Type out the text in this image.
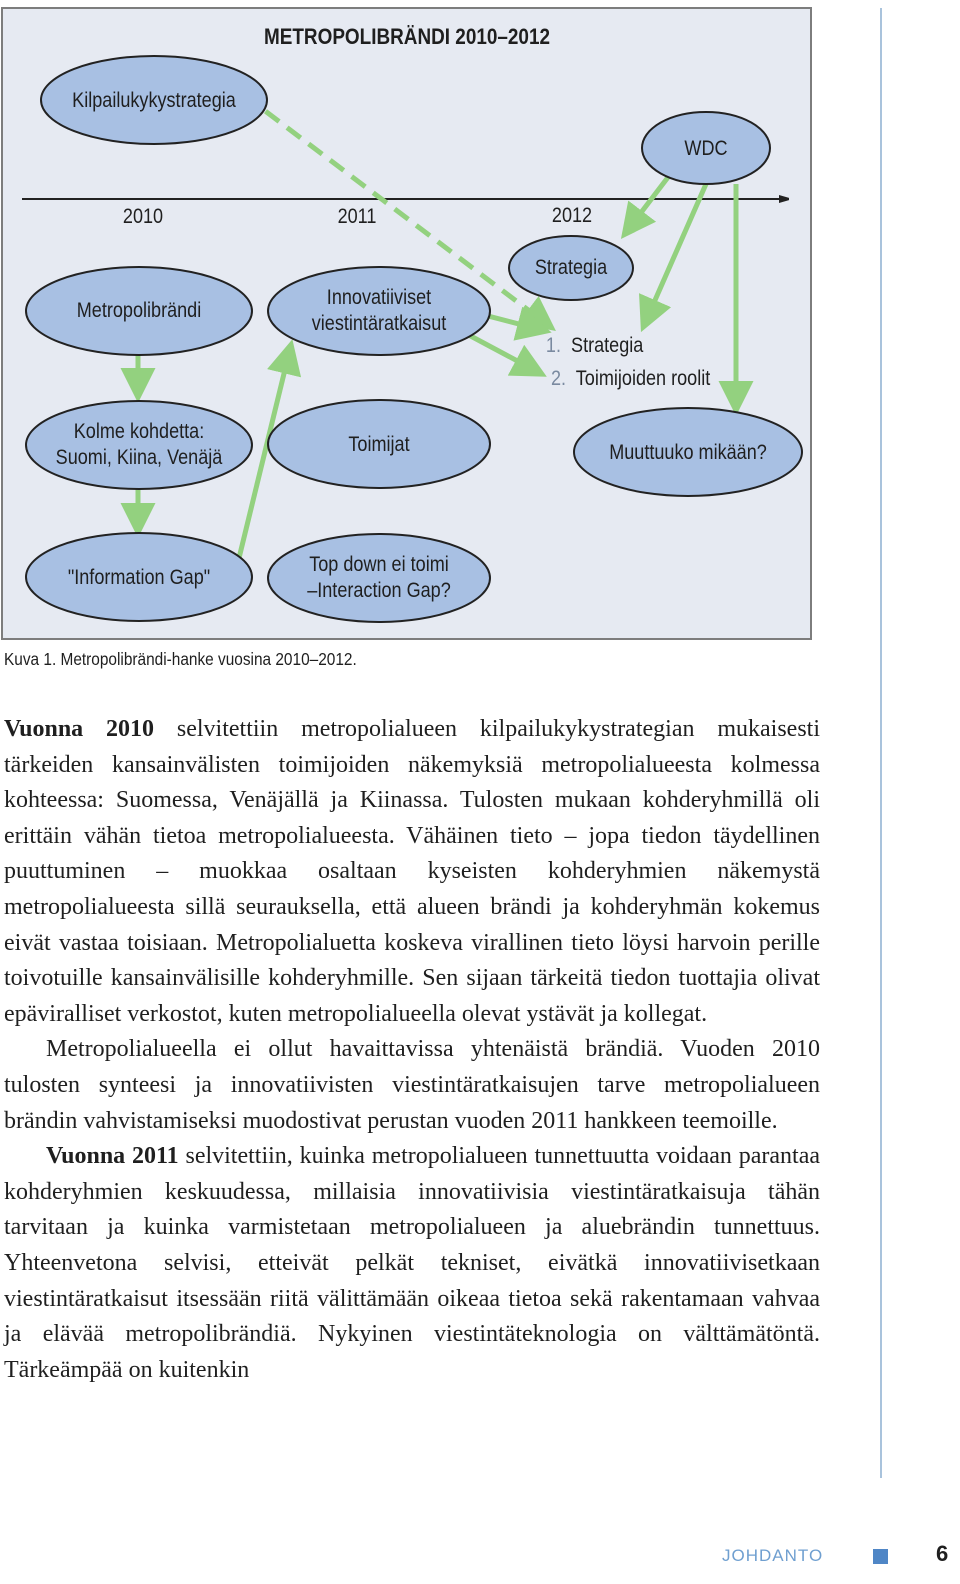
METROPOLIBRÄNDI 2010–2012
Kilpailukykystrategia
WDC
2010	2011	2012
Strategia
Metropolibrändi
Innovatiiviset
viestintäratkaisut
1. Strategia
2. Toimijoiden roolit
Kolme kohdetta:
Suomi, Kiina, Venäjä
Toimijat	Muuttuuko mikään?
"Information Gap"
Top down ei toimi
–Interaction Gap?
Kuva 1. Metropolibrändi-hanke vuosina 2010–2012.

Vuonna 2010 selvitettiin metropolialueen kilpailukykystrategian mukaisesti tärkeiden kansainvälisten toimijoiden näkemyksiä metropolialueesta kolmessa kohteessa: Suomessa, Venäjällä ja Kiinassa. Tulosten mukaan kohderyhmillä oli erittäin vähän tietoa metropolialueesta. Vähäinen tieto – jopa tiedon täydellinen puuttuminen – muokkaa osaltaan kyseisten kohderyhmien näkemystä metropolialueesta sillä seurauksella, että alueen brändi ja kohderyhmän kokemus eivät vastaa toisiaan. Metropolialuetta koskeva virallinen tieto löysi harvoin perille toivotuille kansainvälisille kohderyhmille. Sen sijaan tärkeitä tiedon tuottajia olivat epäviralliset verkostot, kuten metropolialueella olevat ystävät ja kollegat.

Metropolialueella ei ollut havaittavissa yhtenäistä brändiä. Vuoden 2010 tulosten synteesi ja innovatiivisten viestintäratkaisujen tarve metropolialueen brändin vahvistamiseksi muodostivat perustan vuoden 2011 hankkeen teemoille.

Vuonna 2011 selvitettiin, kuinka metropolialueen tunnettuutta voidaan parantaa kohderyhmien keskuudessa, millaisia innovatiivisia viestintäratkaisuja tähän tarvitaan ja kuinka varmistetaan metropolialueen ja aluebrändin tunnettuus. Yhteenvetona selvisi, etteivät pelkät tekniset, eivätkä innovatiivisetkaan viestintäratkaisut itsessään riitä välittämään oikeaa tietoa sekä rakentamaan vahvaa ja elävää metropolibrändiä. Nykyinen viestintäteknologia on välttämätöntä. Tärkeämpää on kuitenkin

JOHDANTO	6
